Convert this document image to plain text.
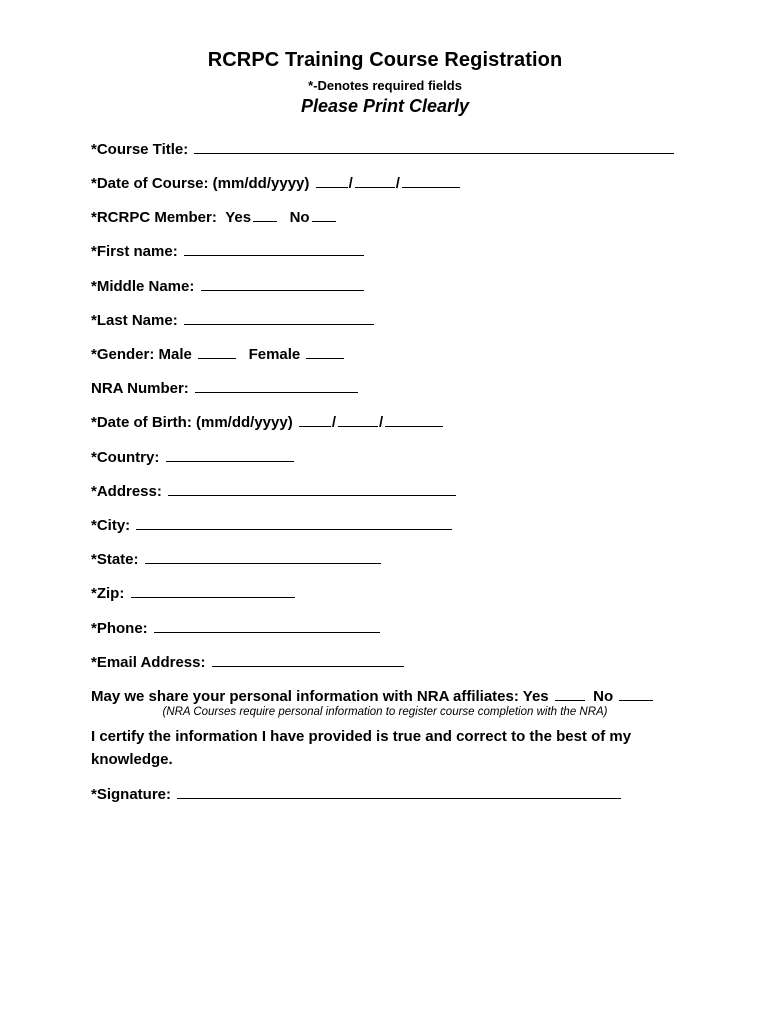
RCRPC Training Course Registration
*-Denotes required fields
Please Print Clearly
*Course Title:
*Date of Course: (mm/dd/yyyy)	/	/
*RCRPC Member: Yes	No
*First name:
*Middle Name:
*Last Name:
*Gender: Male	Female
NRA Number:
*Date of Birth: (mm/dd/yyyy)	/	/
*Country:
*Address:
*City:
*State:
*Zip:
*Phone:
*Email Address:
May we share your personal information with NRA affiliates: Yes	No
(NRA Courses require personal information to register course completion with the NRA)
I certify the information I have provided is true and correct to the best of my knowledge.
*Signature:
